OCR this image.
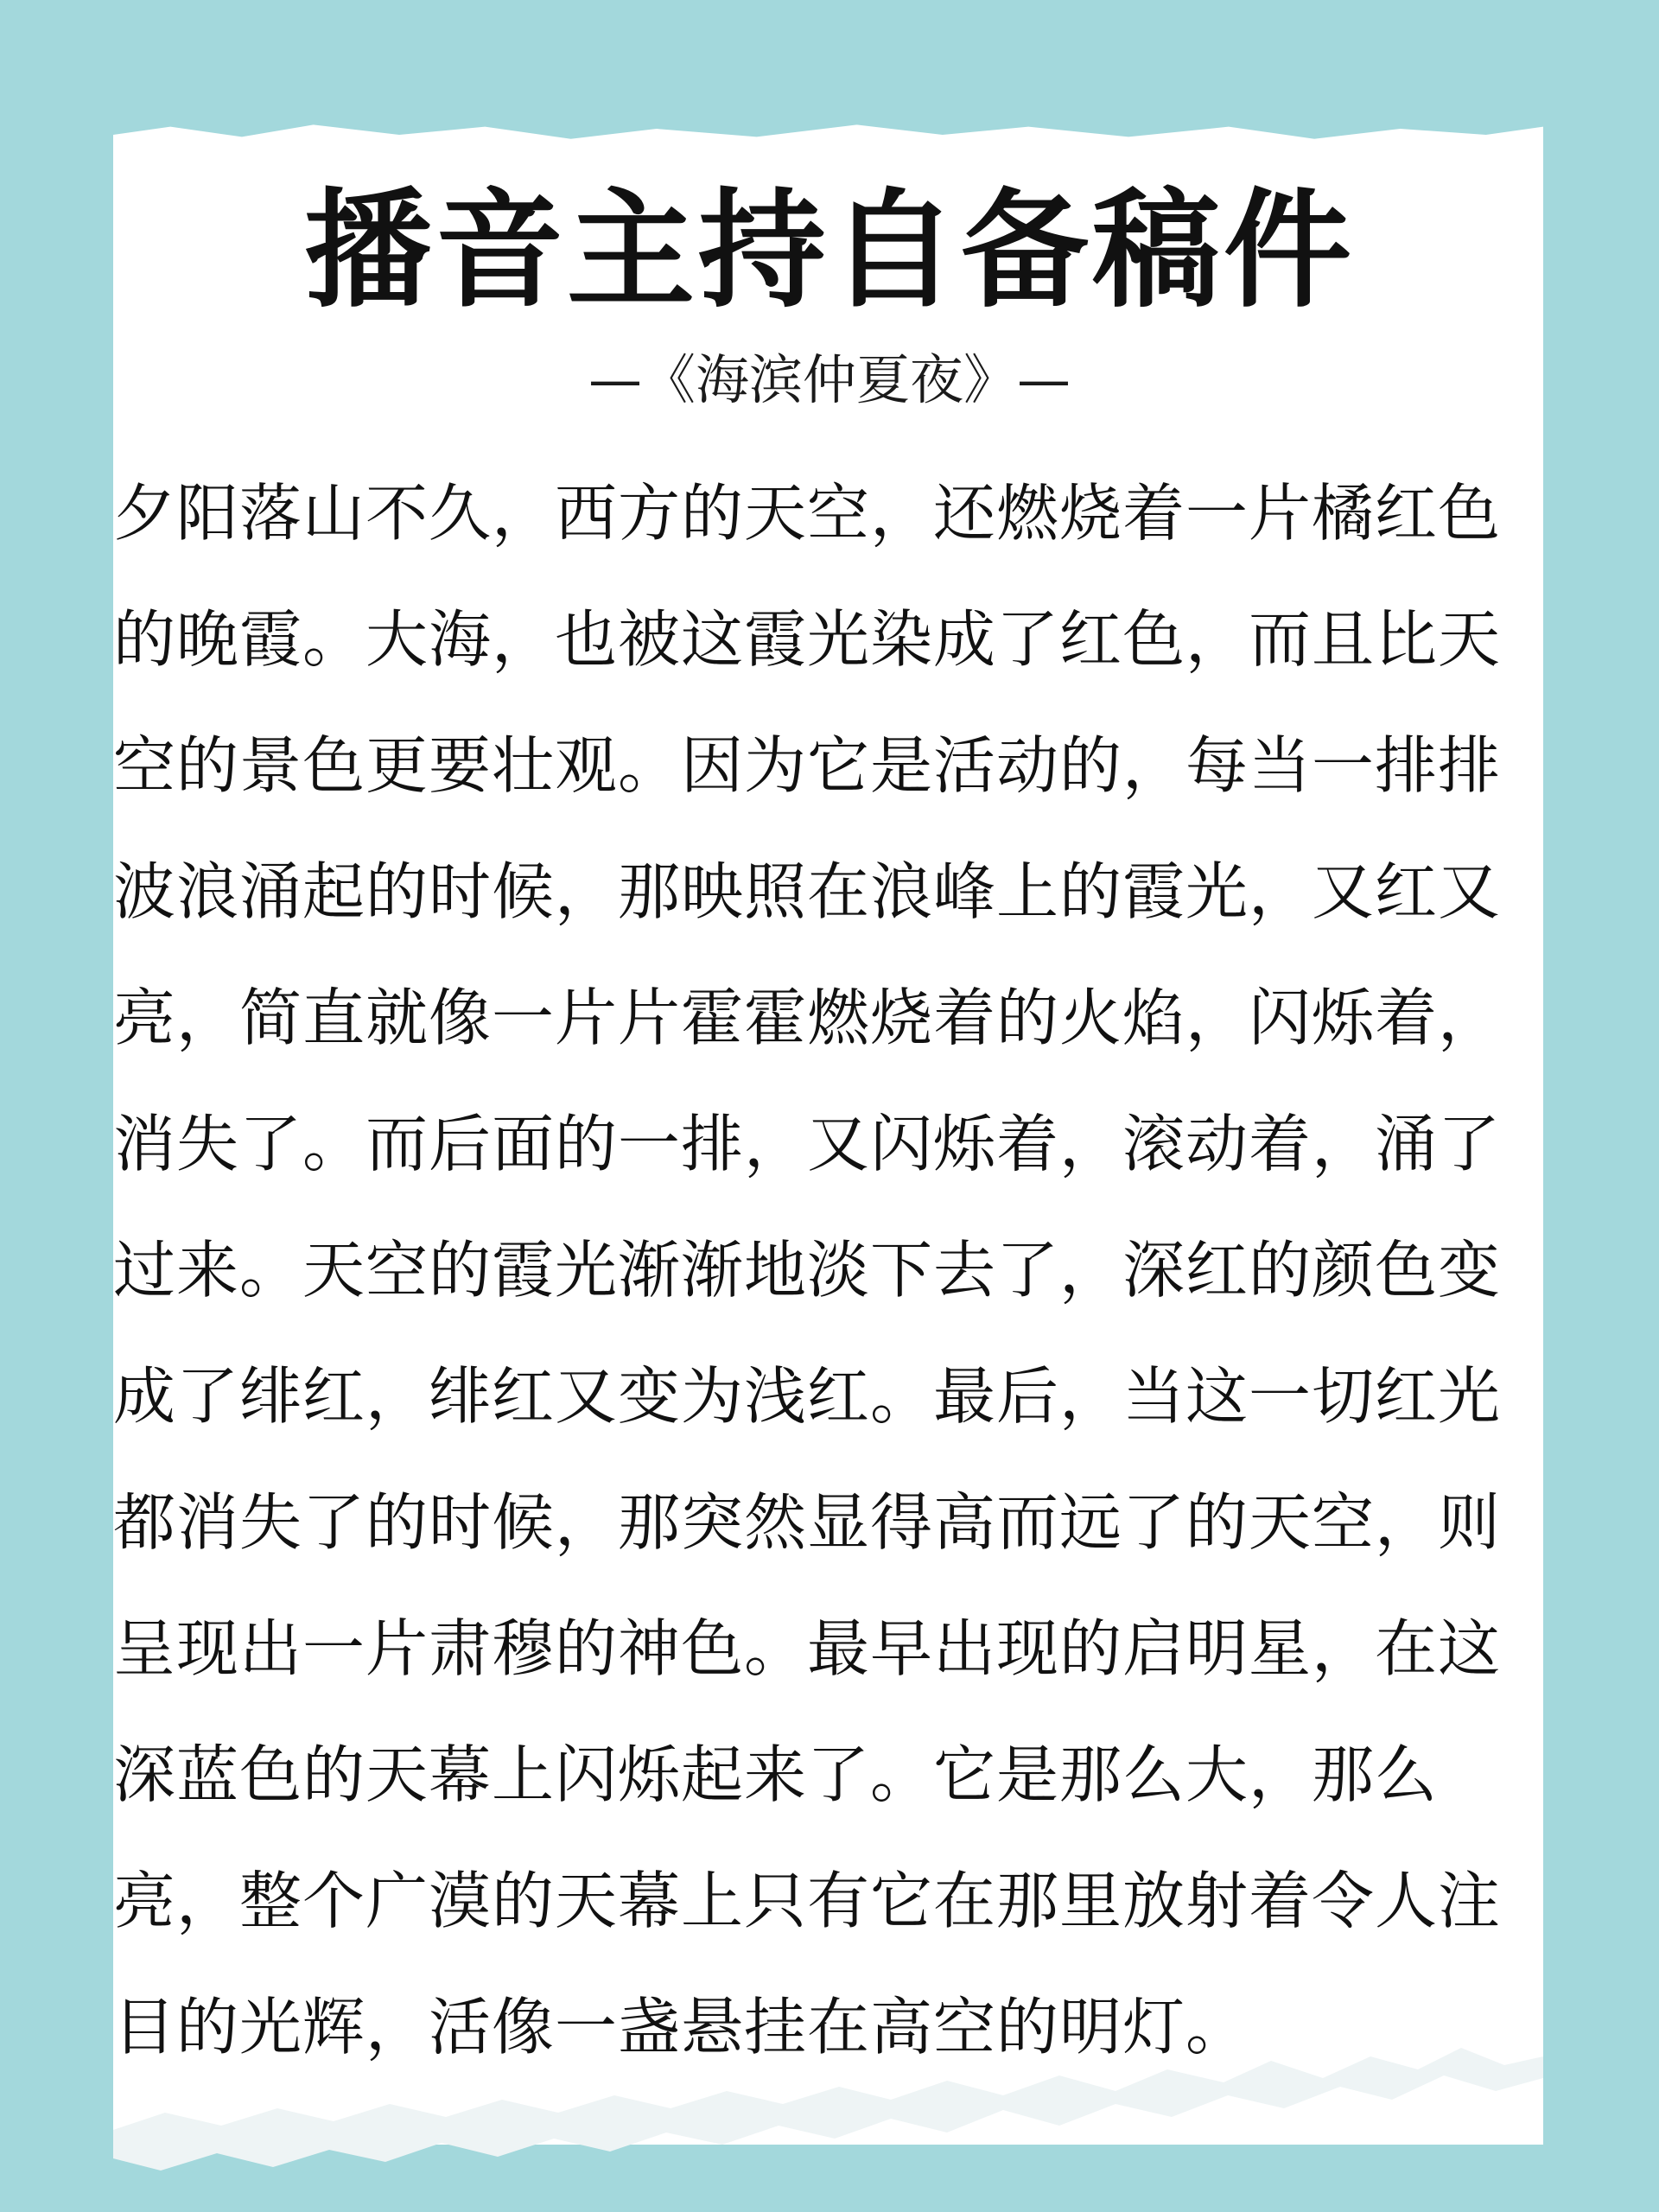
播音主持自备稿件
—《海滨仲夏夜》—
夕阳落山不久，西方的天空，还燃烧着一片橘红色
的晚霞。大海，也被这霞光染成了红色，而且比天
空的景色更要壮观。因为它是活动的，每当一排排
波浪涌起的时候，那映照在浪峰上的霞光，又红又
亮，简直就像一片片霍霍燃烧着的火焰，闪烁着，
消失了。而后面的一排，又闪烁着，滚动着，涌了
过来。天空的霞光渐渐地淡下去了，深红的颜色变
成了绯红，绯红又变为浅红。最后，当这一切红光
都消失了的时候，那突然显得高而远了的天空，则
呈现出一片肃穆的神色。最早出现的启明星，在这
深蓝色的天幕上闪烁起来了。它是那么大，那么
亮，整个广漠的天幕上只有它在那里放射着令人注
目的光辉，活像一盏悬挂在高空的明灯。
